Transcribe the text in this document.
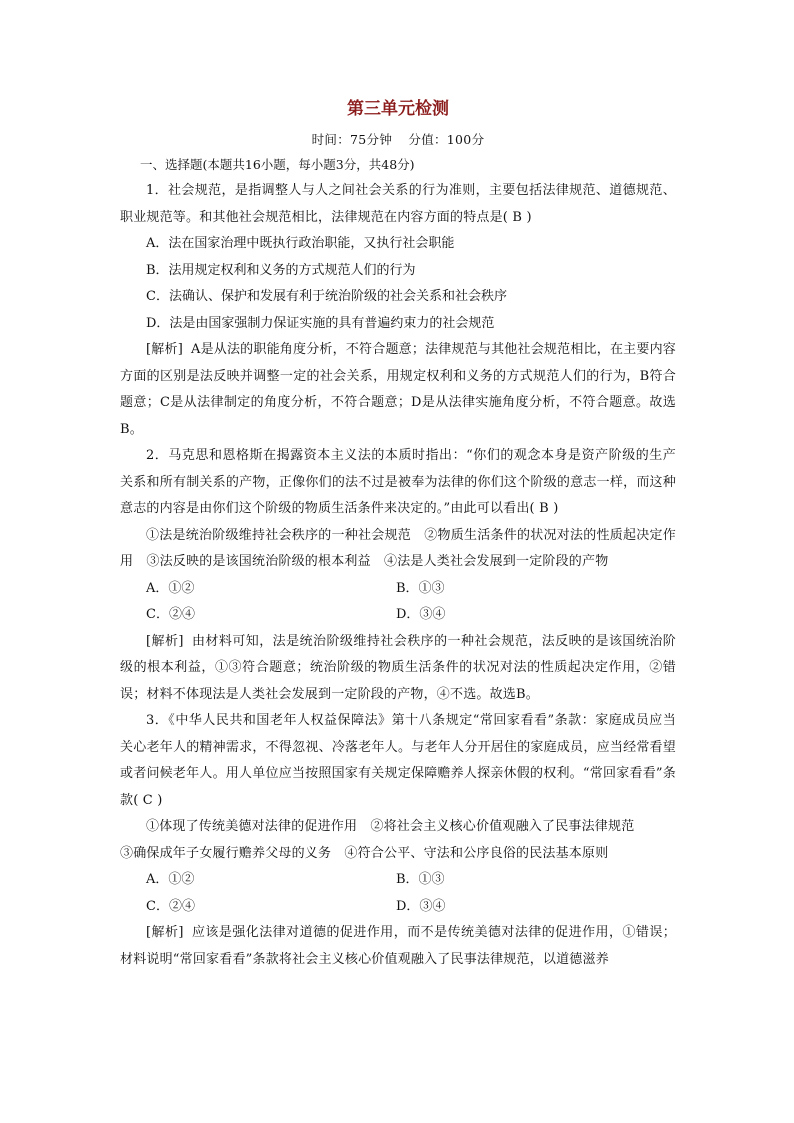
第三单元检测
时间：75分钟 分值：100分
一、选择题(本题共16小题，每小题3分，共48分)

1．社会规范，是指调整人与人之间社会关系的行为准则，主要包括法律规范、道德规范、职业规范等。和其他社会规范相比，法律规范在内容方面的特点是( B )

A．法在国家治理中既执行政治职能，又执行社会职能

B．法用规定权利和义务的方式规范人们的行为

C．法确认、保护和发展有利于统治阶级的社会关系和社会秩序

D．法是由国家强制力保证实施的具有普遍约束力的社会规范

[解析] A是从法的职能角度分析，不符合题意；法律规范与其他社会规范相比，在主要内容方面的区别是法反映并调整一定的社会关系，用规定权利和义务的方式规范人们的行为，B符合题意；C是从法律制定的角度分析，不符合题意；D是从法律实施角度分析，不符合题意。故选B。

2．马克思和恩格斯在揭露资本主义法的本质时指出：“你们的观念本身是资产阶级的生产关系和所有制关系的产物，正像你们的法不过是被奉为法律的你们这个阶级的意志一样，而这种意志的内容是由你们这个阶级的物质生活条件来决定的。”由此可以看出( B )

①法是统治阶级维持社会秩序的一种社会规范　②物质生活条件的状况对法的性质起决定作用　③法反映的是该国统治阶级的根本利益　④法是人类社会发展到一定阶段的产物

A．①②	B．①③
C．②④	D．③④

[解析] 由材料可知，法是统治阶级维持社会秩序的一种社会规范，法反映的是该国统治阶级的根本利益，①③符合题意；统治阶级的物质生活条件的状况对法的性质起决定作用，②错误；材料不体现法是人类社会发展到一定阶段的产物，④不选。故选B。

3．《中华人民共和国老年人权益保障法》第十八条规定“常回家看看”条款：家庭成员应当关心老年人的精神需求，不得忽视、冷落老年人。与老年人分开居住的家庭成员，应当经常看望或者问候老年人。用人单位应当按照国家有关规定保障赡养人探亲休假的权利。“常回家看看”条款( C )

①体现了传统美德对法律的促进作用　②将社会主义核心价值观融入了民事法律规范

③确保成年子女履行赡养父母的义务　④符合公平、守法和公序良俗的民法基本原则

A．①②	B．①③
C．②④	D．③④

[解析] 应该是强化法律对道德的促进作用，而不是传统美德对法律的促进作用，①错误；材料说明“常回家看看”条款将社会主义核心价值观融入了民事法律规范，以道德滋养
